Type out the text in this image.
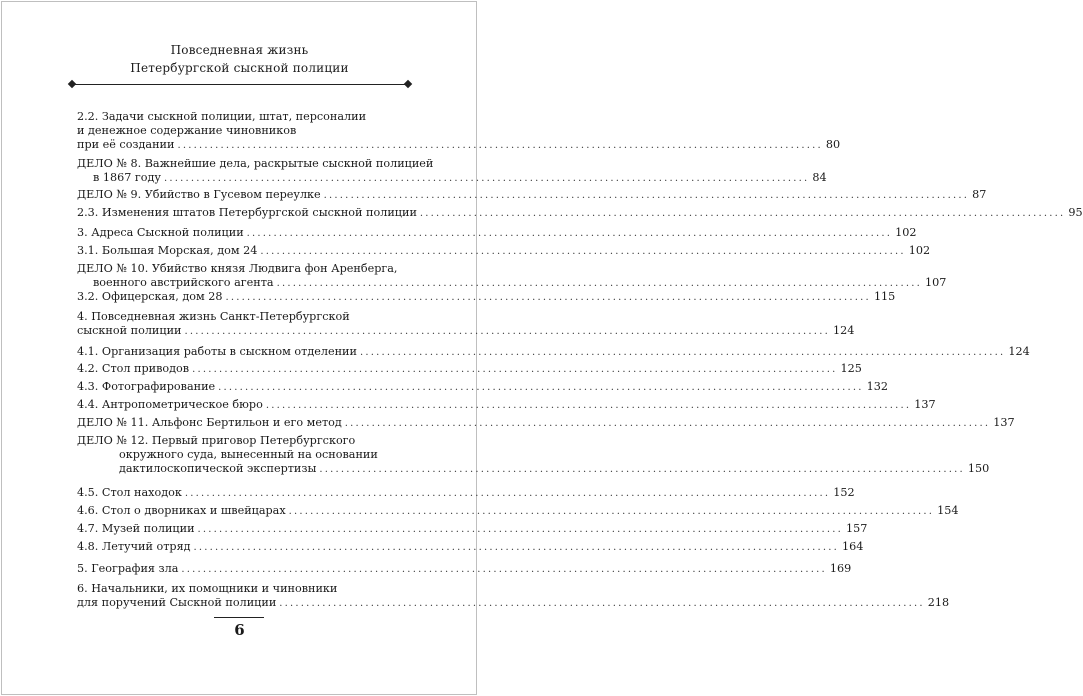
Повседневная жизнь
Петербургской сыскной полиции
2.2. Задачи сыскной полиции, штат, персоналии
и денежное содержание чиновников
при её создании ........................................................................................................................ 80
ДЕЛО № 8. Важнейшие дела, раскрытые сыскной полицией
в 1867 году ........................................................................................................................ 84
ДЕЛО № 9. Убийство в Гусевом переулке ........................................................................................................................ 87
2.3. Изменения штатов Петербургской сыскной полиции ........................................................................................................................ 95
3. Адреса Сыскной полиции ........................................................................................................................ 102
3.1. Большая Морская, дом 24 ........................................................................................................................ 102
ДЕЛО № 10. Убийство князя Людвига фон Аренберга,
военного австрийского агента ........................................................................................................................ 107
3.2. Офицерская, дом 28 ........................................................................................................................ 115
4. Повседневная жизнь Санкт-Петербургской
сыскной полиции ........................................................................................................................ 124
4.1. Организация работы в сыскном отделении ........................................................................................................................ 124
4.2. Стол приводов ........................................................................................................................ 125
4.3. Фотографирование ........................................................................................................................ 132
4.4. Антропометрическое бюро ........................................................................................................................ 137
ДЕЛО № 11. Альфонс Бертильон и его метод ........................................................................................................................ 137
ДЕЛО № 12. Первый приговор Петербургского
окружного суда, вынесенный на основании
дактилоскопической экспертизы ........................................................................................................................ 150
4.5. Стол находок ........................................................................................................................ 152
4.6. Стол о дворниках и швейцарах ........................................................................................................................ 154
4.7. Музей полиции ........................................................................................................................ 157
4.8. Летучий отряд ........................................................................................................................ 164
5. География зла ........................................................................................................................ 169
6. Начальники, их помощники и чиновники
для поручений Сыскной полиции ........................................................................................................................ 218
6
